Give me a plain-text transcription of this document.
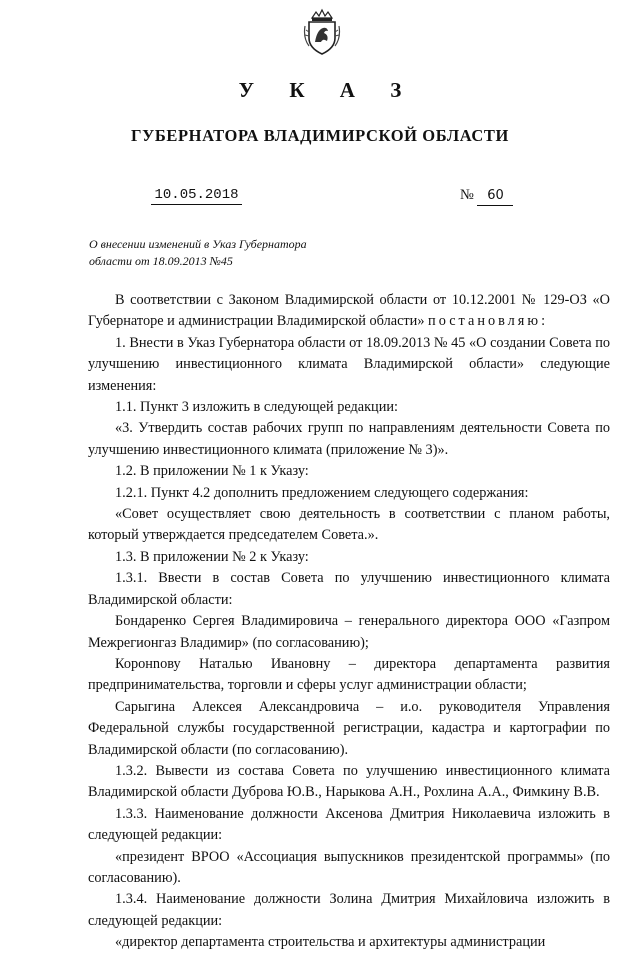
У К А З
ГУБЕРНАТОРА ВЛАДИМИРСКОЙ ОБЛАСТИ
10.05.2018	№ 60
О внесении изменений в Указ Губернатора
области от 18.09.2013 №45

В соответствии с Законом Владимирской области от 10.12.2001 № 129-ОЗ «О Губернаторе и администрации Владимирской области» постановляю:

1. Внести в Указ Губернатора области от 18.09.2013 № 45 «О создании Совета по улучшению инвестиционного климата Владимирской области» следующие изменения:

1.1. Пункт 3 изложить в следующей редакции:

«3. Утвердить состав рабочих групп по направлениям деятельности Совета по улучшению инвестиционного климата (приложение № 3)».

1.2. В приложении № 1 к Указу:

1.2.1. Пункт 4.2 дополнить предложением следующего содержания:

«Совет осуществляет свою деятельность в соответствии с планом работы, который утверждается председателем Совета.».

1.3. В приложении № 2 к Указу:

1.3.1. Ввести в состав Совета по улучшению инвестиционного климата Владимирской области:

Бондаренко Сергея Владимировича – генерального директора ООО «Газпром Межрегионгаз Владимир» (по согласованию);

Коронnову Наталью Ивановну – директора департамента развития предпринимательства, торговли и сферы услуг администрации области;

Сарыгина Алексея Александровича – и.о. руководителя Управления Федеральной службы государственной регистрации, кадастра и картографии по Владимирской области (по согласованию).

1.3.2. Вывести из состава Совета по улучшению инвестиционного климата Владимирской области Дуброва Ю.В., Нарыкова А.Н., Рохлина А.А., Фимкину В.В.

1.3.3. Наименование должности Аксенова Дмитрия Николаевича изложить в следующей редакции:

«президент ВРОО «Ассоциация выпускников президентской программы» (по согласованию).

1.3.4. Наименование должности Золина Дмитрия Михайловича изложить в следующей редакции:

«директор департамента строительства и архитектуры администрации
